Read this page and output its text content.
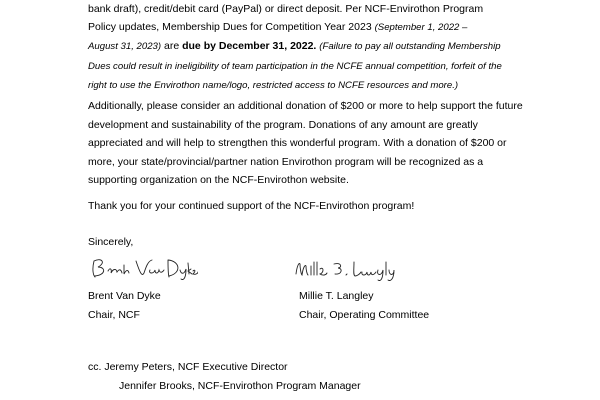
bank draft), credit/debit card (PayPal) or direct deposit. Per NCF-Envirothon Program
Policy updates, Membership Dues for Competition Year 2023 (September 1, 2022 –
August 31, 2023) are due by December 31, 2022. (Failure to pay all outstanding Membership
Dues could result in ineligibility of team participation in the NCFE annual competition, forfeit of the
right to use the Envirothon name/logo, restricted access to NCFE resources and more.)

Additionally, please consider an additional donation of $200 or more to help support the future development and sustainability of the program. Donations of any amount are greatly appreciated and will help to strengthen this wonderful program. With a donation of $200 or more, your state/provincial/partner nation Envirothon program will be recognized as a supporting organization on the NCF-Envirothon website.

Thank you for your continued support of the NCF-Envirothon program!

Sincerely,
Brent Van Dyke
Chair, NCF
Millie T. Langley
Chair, Operating Committee
cc. Jeremy Peters, NCF Executive Director
Jennifer Brooks, NCF-Envirothon Program Manager
